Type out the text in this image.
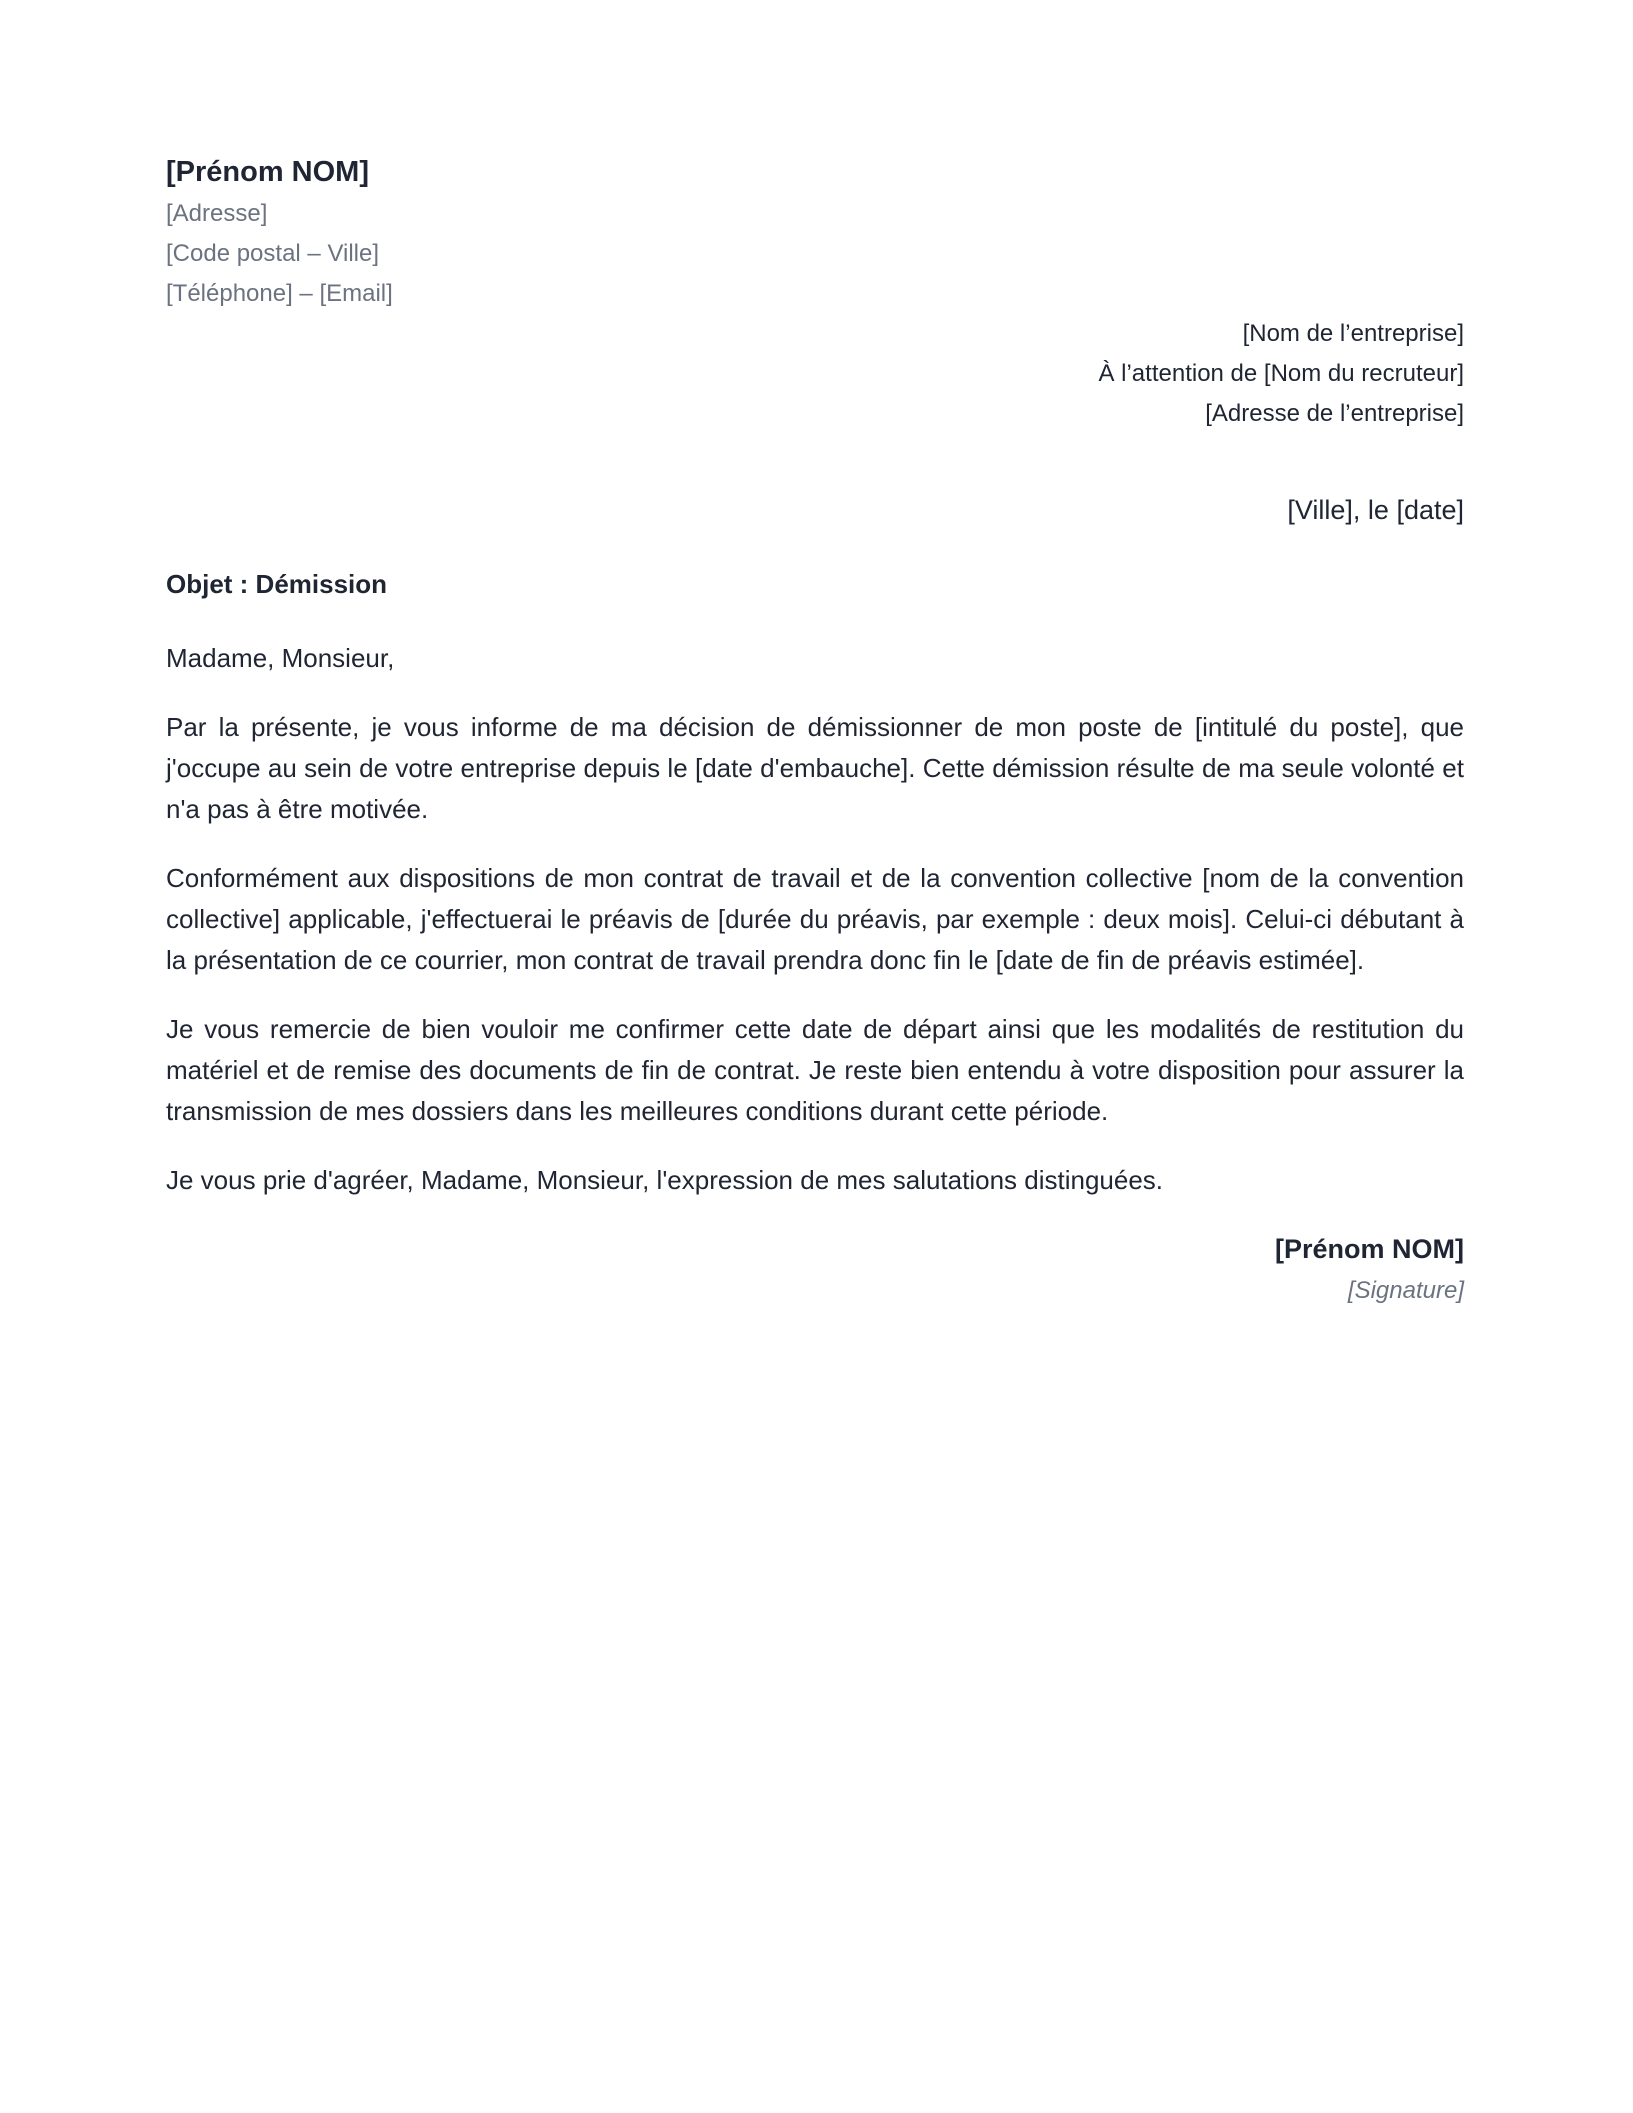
[Prénom NOM]

[Adresse]

[Code postal – Ville]

[Téléphone] – [Email]

[Nom de l’entreprise]

À l’attention de [Nom du recruteur]

[Adresse de l’entreprise]

[Ville], le [date]

Objet : Démission

Madame, Monsieur,

Par la présente, je vous informe de ma décision de démissionner de mon poste de [intitulé du poste], que j'occupe au sein de votre entreprise depuis le [date d'embauche]. Cette démission résulte de ma seule volonté et n'a pas à être motivée.

Conformément aux dispositions de mon contrat de travail et de la convention collective [nom de la convention collective] applicable, j'effectuerai le préavis de [durée du préavis, par exemple : deux mois]. Celui-ci débutant à la présentation de ce courrier, mon contrat de travail prendra donc fin le [date de fin de préavis estimée].

Je vous remercie de bien vouloir me confirmer cette date de départ ainsi que les modalités de restitution du matériel et de remise des documents de fin de contrat. Je reste bien entendu à votre disposition pour assurer la transmission de mes dossiers dans les meilleures conditions durant cette période.

Je vous prie d'agréer, Madame, Monsieur, l'expression de mes salutations distinguées.

[Prénom NOM]

[Signature]
